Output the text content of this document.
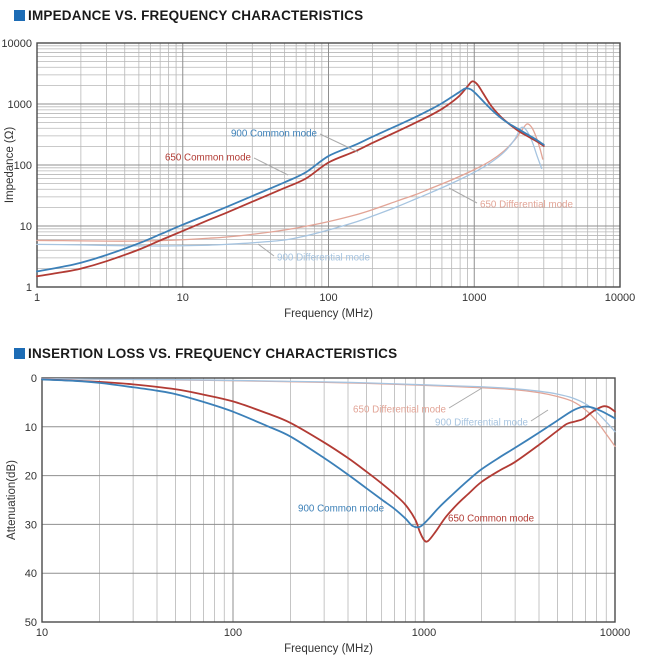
IMPEDANCE VS. FREQUENCY CHARACTERISTICS
900 Common mode
650 Common mode
650 Differential mode
900 Differential mode
1	10	100	1000	10000
1
10
100
1000
10000
Frequency (MHz)
Impedance (Ω)
INSERTION LOSS VS. FREQUENCY CHARACTERISTICS
650 Differential mode
900 Differential mode
900 Common mode
650 Common mode
10	100	1000	10000
0
10
20
30
40
50
Frequency (MHz)
Attenuation(dB)
